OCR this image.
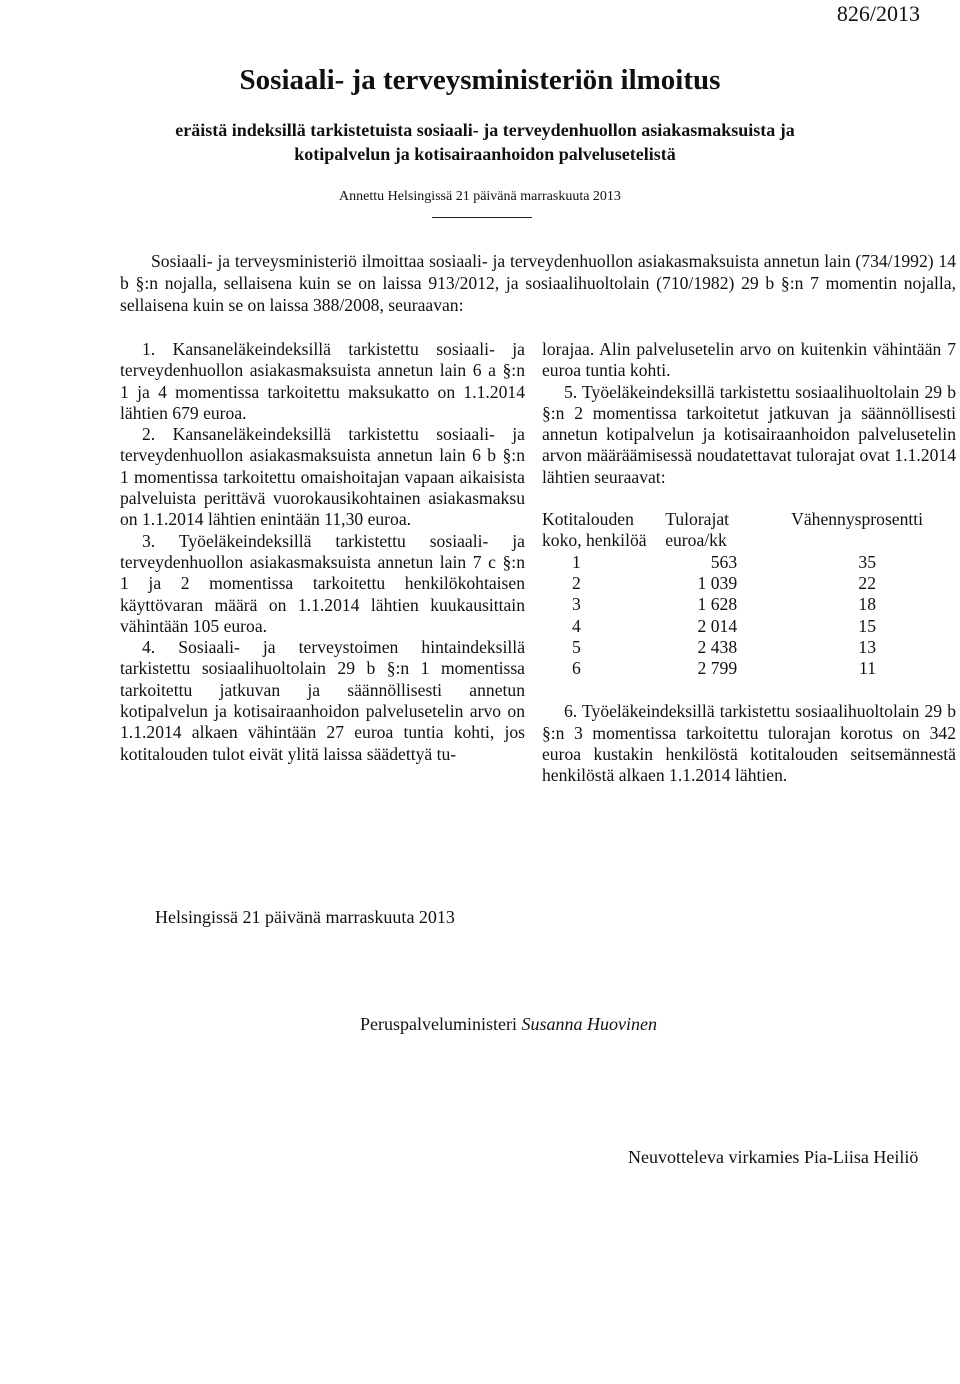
826/2013
Sosiaali- ja terveysministeriön ilmoitus
eräistä indeksillä tarkistetuista sosiaali- ja terveydenhuollon asiakasmaksuista ja kotipalvelun ja kotisairaanhoidon palvelusetelistä
Annettu Helsingissä 21 päivänä marraskuuta 2013

Sosiaali- ja terveysministeriö ilmoittaa sosiaali- ja terveydenhuollon asiakasmaksuista annetun lain (734/1992) 14 b §:n nojalla, sellaisena kuin se on laissa 913/2012, ja sosiaalihuoltolain (710/1982) 29 b §:n 7 momentin nojalla, sellaisena kuin se on laissa 388/2008, seuraavan:

1. Kansaneläkeindeksillä tarkistettu sosiaali- ja terveydenhuollon asiakasmaksuista annetun lain 6 a §:n 1 ja 4 momentissa tarkoitettu maksukatto on 1.1.2014 lähtien 679 euroa.

2. Kansaneläkeindeksillä tarkistettu sosiaali- ja terveydenhuollon asiakasmaksuista annetun lain 6 b §:n 1 momentissa tarkoitettu omaishoitajan vapaan aikaisista palveluista perittävä vuorokausikohtainen asiakasmaksu on 1.1.2014 lähtien enintään 11,30 euroa.

3. Työeläkeindeksillä tarkistettu sosiaali- ja terveydenhuollon asiakasmaksuista annetun lain 7 c §:n 1 ja 2 momentissa tarkoitettu henkilökohtaisen käyttövaran määrä on 1.1.2014 lähtien kuukausittain vähintään 105 euroa.

4. Sosiaali- ja terveystoimen hintaindeksillä tarkistettu sosiaalihuoltolain 29 b §:n 1 momentissa tarkoitettu jatkuvan ja säännöllisesti annetun kotipalvelun ja kotisairaanhoidon palvelusetelin arvo on 1.1.2014 alkaen vähintään 27 euroa tuntia kohti, jos kotitalouden tulot eivät ylitä laissa säädettyä tu-

lorajaa. Alin palvelusetelin arvo on kuitenkin vähintään 7 euroa tuntia kohti.

5. Työeläkeindeksillä tarkistettu sosiaalihuoltolain 29 b §:n 2 momentissa tarkoitetut jatkuvan ja säännöllisesti annetun kotipalvelun ja kotisairaanhoidon palvelusetelin arvon määräämisessä noudatettavat tulorajat ovat 1.1.2014 lähtien seuraavat:

Kotitalouden koko, henkilöä	Tulorajat euroa/kk	Vähennysprosentti
1	563	35
2	1 039	22
3	1 628	18
4	2 014	15
5	2 438	13
6	2 799	11

6. Työeläkeindeksillä tarkistettu sosiaalihuoltolain 29 b §:n 3 momentissa tarkoitettu tulorajan korotus on 342 euroa kustakin henkilöstä kotitalouden seitsemännestä henkilöstä alkaen 1.1.2014 lähtien.

Helsingissä 21 päivänä marraskuuta 2013
Peruspalveluministeri Susanna Huovinen
Neuvotteleva virkamies Pia-Liisa Heiliö
